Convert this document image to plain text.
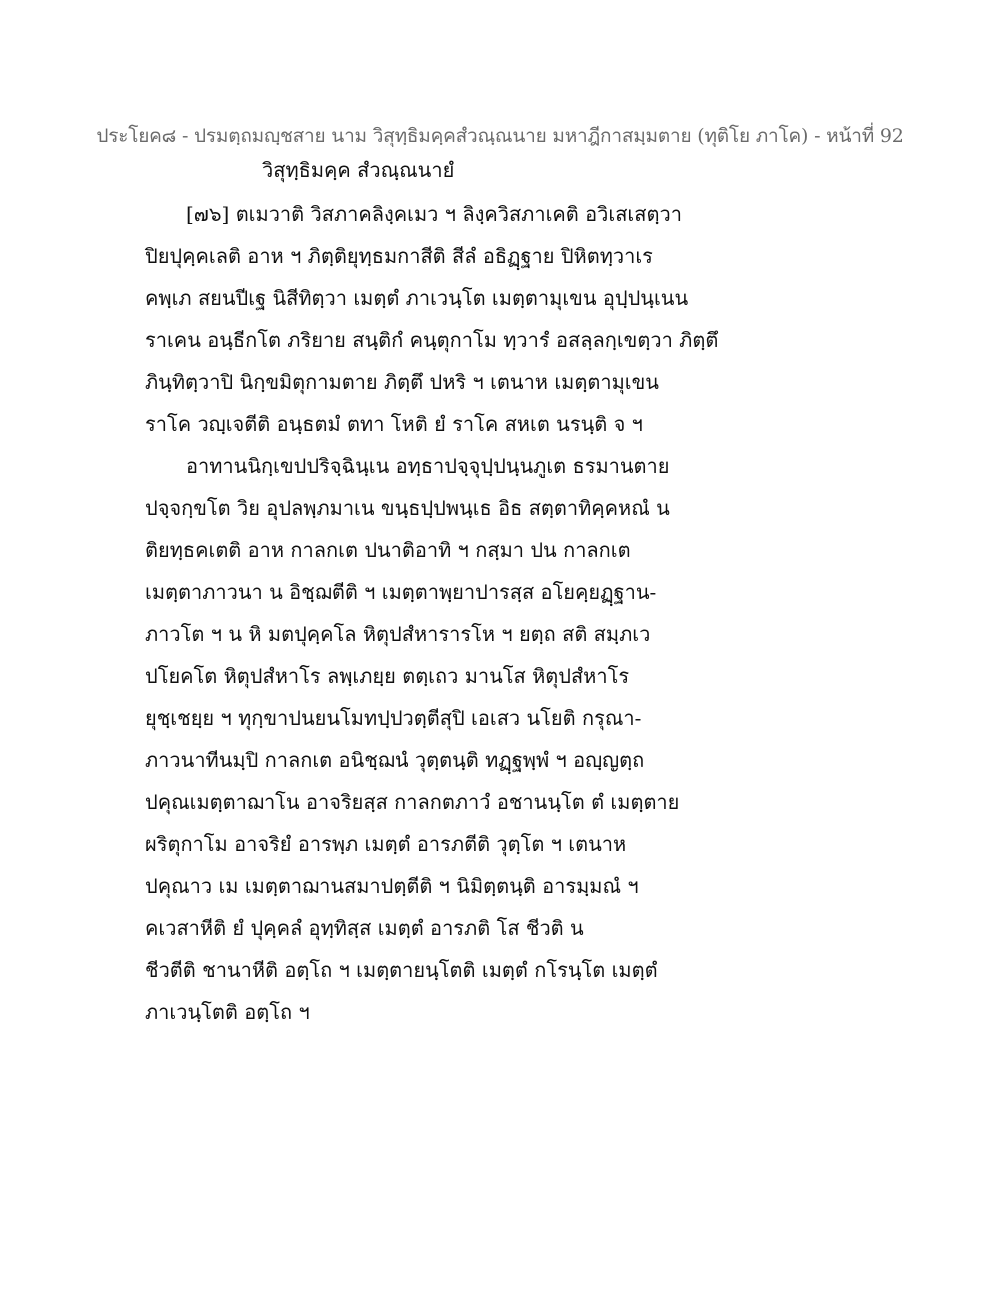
ประโยค๘ - ปรมตฺถมญฺชสาย นาม วิสุทฺธิมคฺคสํวณฺณนาย มหาฎีกาสมฺมตาย (ทุติโย ภาโค) - หน้าที่ 92
วิสุทฺธิมคฺค สํวณฺณนายํ
[๗๖] ตเมวาติ วิสภาคลิงฺคเมว ฯ ลิงฺควิสภาเคติ อวิเสเสตฺวา
ปิยปุคฺคเลติ อาห ฯ ภิตฺติยุทฺธมกาสีติ สีลํ อธิฏฺฐาย ปิหิตทฺวาเร
คพฺเภ สยนปีเฐ นิสีทิตฺวา เมตฺตํ ภาเวนฺโต เมตฺตามุเขน อุปฺปนฺเนน
ราเคน อนฺธีกโต ภริยาย สนฺติกํ คนฺตุกาโม ทฺวารํ อสลฺลกฺเขตฺวา ภิตฺตึ
ภินฺทิตฺวาปิ นิกฺขมิตุกามตาย ภิตฺตึ ปหริ ฯ เตนาห เมตฺตามุเขน
ราโค วญฺเจตีติ อนฺธตมํ ตทา โหติ ยํ ราโค สหเต นรนฺติ จ ฯ
อาทานนิกฺเขปปริจฺฉินฺเน อทฺธาปจฺจุปฺปนฺนภูเต ธรมานตาย
ปจฺจกฺขโต วิย อุปลพฺภมาเน ขนฺธปฺปพนฺเธ อิธ สตฺตาทิคฺคหณํ น
ติยทฺธคเตติ อาห กาลกเต ปนาติอาทิ ฯ กสฺมา ปน กาลกเต
เมตฺตาภาวนา น อิชฺฌตีติ ฯ เมตฺตาพฺยาปารสฺส อโยคฺยฏฺฐาน-
ภาวโต ฯ น หิ มตปุคฺคโล หิตุปสํหารารโห ฯ ยตฺถ สติ สมฺภเว
ปโยคโต หิตุปสํหาโร ลพฺเภยฺย ตตฺเถว มานโส หิตุปสํหาโร
ยุชฺเชยฺย ฯ ทุกฺขาปนยนโมทปฺปวตฺตีสุปิ เอเสว นโยติ กรุณา-
ภาวนาทีนมฺปิ กาลกเต อนิชฺฌนํ วุตฺตนฺติ ทฏฺฐพฺพํ ฯ อญฺญตฺถ
ปคุณเมตฺตาฌาโน อาจริยสฺส กาลกตภาวํ อชานนฺโต ตํ เมตฺตาย
ผริตุกาโม อาจริยํ อารพฺภ เมตฺตํ อารภตีติ วุตฺโต ฯ เตนาห
ปคุณาว เม เมตฺตาฌานสมาปตฺตีติ ฯ นิมิตฺตนฺติ อารมฺมณํ ฯ
คเวสาหีติ ยํ ปุคฺคลํ อุทฺทิสฺส เมตฺตํ อารภติ โส ชีวติ น
ชีวตีติ ชานาหีติ อตฺโถ ฯ เมตฺตายนฺโตติ เมตฺตํ กโรนฺโต เมตฺตํ
ภาเวนฺโตติ อตฺโถ ฯ
